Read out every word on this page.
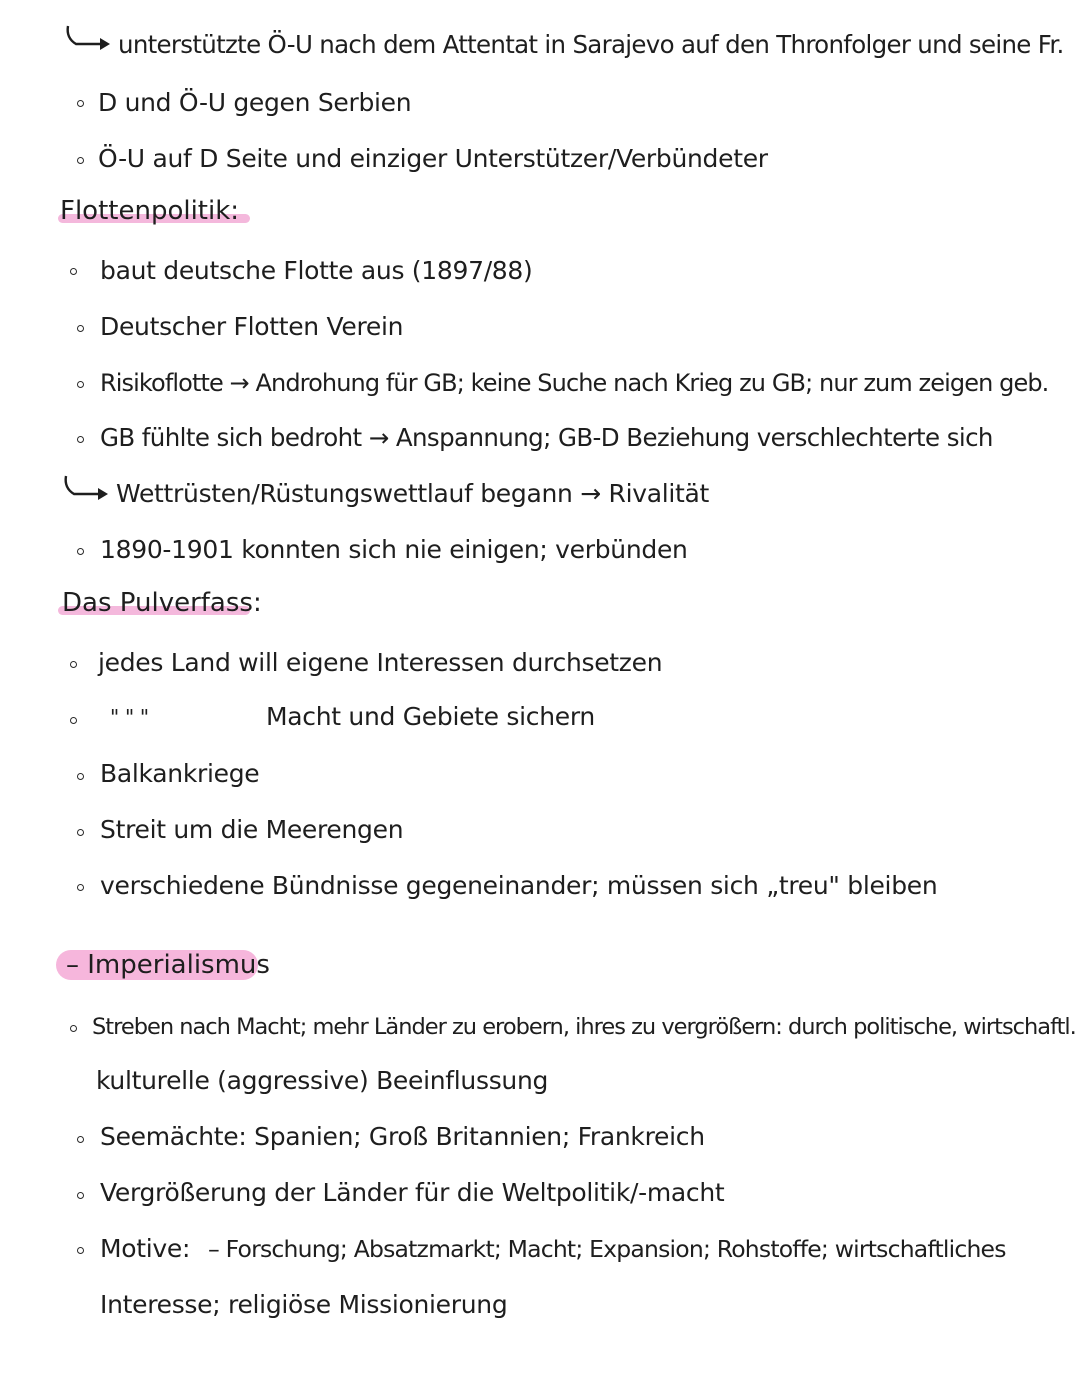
unterstützte Ö-U nach dem Attentat in Sarajevo auf den Thronfolger und seine Fr.
D und Ö-U gegen Serbien
Ö-U auf D Seite und einziger Unterstützer/Verbündeter
Flottenpolitik:
baut deutsche Flotte aus (1897/88)
Deutscher Flotten Verein
Risikoflotte → Androhung für GB; keine Suche nach Krieg zu GB; nur zum zeigen geb.
GB fühlte sich bedroht → Anspannung; GB-D Beziehung verschlechterte sich
Wettrüsten/Rüstungswettlauf begann → Rivalität
1890-1901 konnten sich nie einigen; verbünden
Das Pulverfass:
jedes Land will eigene Interessen durchsetzen
" " "	Macht und Gebiete sichern
Balkankriege
Streit um die Meerengen
verschiedene Bündnisse gegeneinander; müssen sich „treu" bleiben
– Imperialismus
Streben nach Macht; mehr Länder zu erobern, ihres zu vergrößern: durch politische, wirtschaftl.
kulturelle (aggressive) Beeinflussung
Seemächte: Spanien; Groß Britannien; Frankreich
Vergrößerung der Länder für die Weltpolitik/-macht
Motive: – Forschung; Absatzmarkt; Macht; Expansion; Rohstoffe; wirtschaftliches
Interesse; religiöse Missionierung
